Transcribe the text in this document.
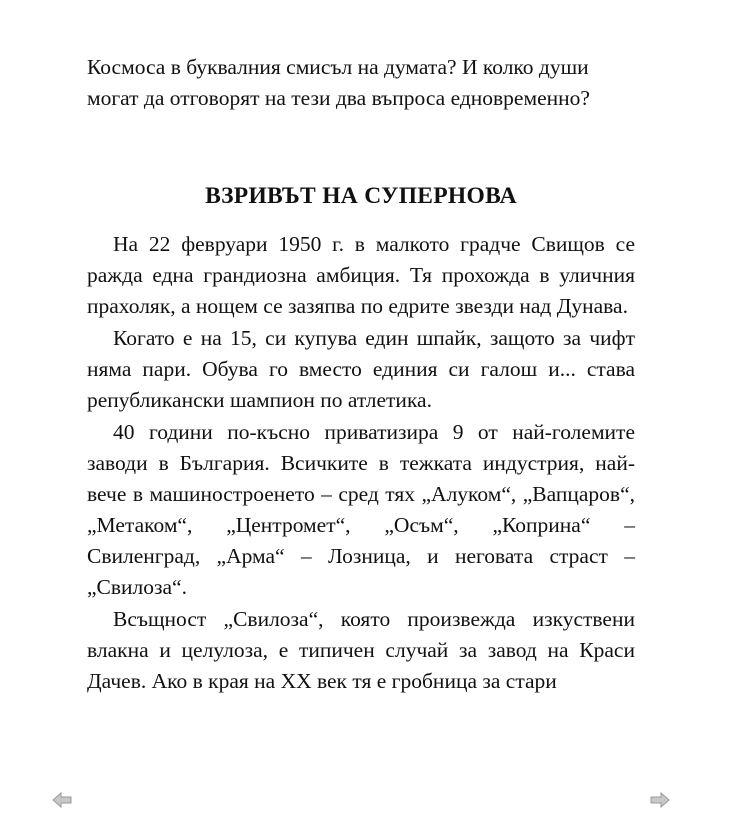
Космоса в буквалния смисъл на думата? И колко души
могат да отговорят на тези два въпроса едновременно?
ВЗРИВЪТ НА СУПЕРНОВА

На 22 февруари 1950 г. в малкото градче Свищов се ражда една грандиозна амбиция. Тя прохожда в уличния прахоляк, а нощем се зазяпва по едрите звезди над Дунава.

Когато е на 15, си купува един шпайк, защото за чифт няма пари. Обува го вместо единия си галош и... става републикански шампион по атлетика.

40 години по-късно приватизира 9 от най-големите заводи в България. Всичките в тежката индустрия, най-вече в машиностроенето – сред тях „Алуком“, „Вапцаров“, „Метаком“, „Центромет“, „Осъм“, „Коприна“ – Свиленград, „Арма“ – Лозница, и неговата страст – „Свилоза“.

Всъщност „Свилоза“, която произвежда изкуствени влакна и целулоза, е типичен случай за завод на Краси Дачев. Ако в края на XX век тя е гробница за стари
